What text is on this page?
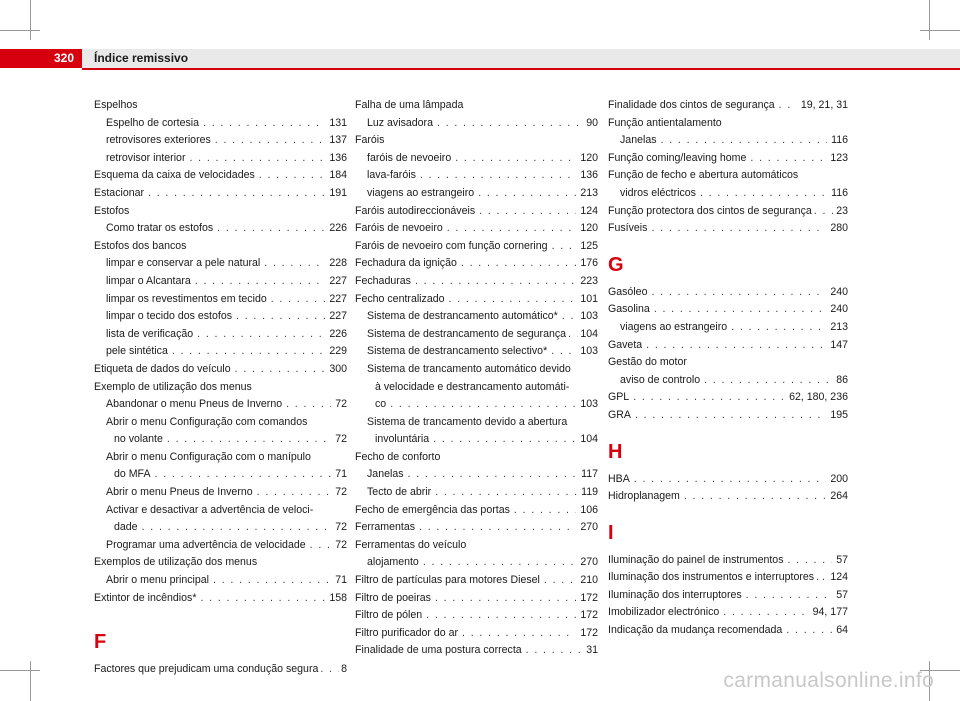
320 Índice remissivo
Espelhos
Espelho de cortesia . . .	131
retrovisores exteriores . . .	137
retrovisor interior . . .	136
Esquema da caixa de velocidades . . .	184
Estacionar . . .	191
Estofos
Como tratar os estofos . . .	226
Estofos dos bancos
limpar e conservar a pele natural . . .	228
limpar o Alcantara . . .	227
limpar os revestimentos em tecido . . .	227
limpar o tecido dos estofos . . .	227
lista de verificação . . .	226
pele sintética . . .	229
Etiqueta de dados do veículo . . .	300
Exemplo de utilização dos menus
Abandonar o menu Pneus de Inverno . . .	72
Abrir o menu Configuração com comandos
no volante . . .	72
Abrir o menu Configuração com o manípulo
do MFA . . .	71
Abrir o menu Pneus de Inverno . . .	72
Activar e desactivar a advertência de veloci-
dade . . .	72
Programar uma advertência de velocidade . . .	72
Exemplos de utilização dos menus
Abrir o menu principal . . .	71
Extintor de incêndios* . . .	158
F
Factores que prejudicam uma condução segura . . . 8
Falha de uma lâmpada
Luz avisadora . . .	90
Faróis
faróis de nevoeiro . . .	120
lava-faróis . . .	136
viagens ao estrangeiro . . .	213
Faróis autodireccionáveis . . .	124
Faróis de nevoeiro . . .	120
Faróis de nevoeiro com função cornering . . .	125
Fechadura da ignição . . .	176
Fechaduras . . .	223
Fecho centralizado . . .	101
Sistema de destrancamento automático* . . . 103
Sistema de destrancamento de segurança . . . 104
Sistema de destrancamento selectivo* . . .	103
Sistema de trancamento automático devido
à velocidade e destrancamento automáti-
co . . .	103
Sistema de trancamento devido a abertura
involuntária . . .	104
Fecho de conforto
Janelas . . .	117
Tecto de abrir . . .	119
Fecho de emergência das portas . . .	106
Ferramentas . . .	270
Ferramentas do veículo
alojamento . . .	270
Filtro de partículas para motores Diesel . . .	210
Filtro de poeiras . . .	172
Filtro de pólen . . .	172
Filtro purificador do ar . . .	172
Finalidade de uma postura correcta . . .	31
Finalidade dos cintos de segurança . . . 19, 21, 31
Função antientalamento
Janelas . . .	116
Função coming/leaving home . . .	123
Função de fecho e abertura automáticos
vidros eléctricos . . .	116
Função protectora dos cintos de segurança . . . 23
Fusíveis . . .	280
G
Gasóleo . . .	240
Gasolina . . .	240
viagens ao estrangeiro . . .	213
Gaveta . . .	147
Gestão do motor
aviso de controlo . . .	86
GPL . . .	62, 180, 236
GRA . . .	195
H
HBA . . .	200
Hidroplanagem . . .	264
I
Iluminação do painel de instrumentos . . .	57
Iluminação dos instrumentos e interruptores . . . 124
Iluminação dos interruptores . . .	57
Imobilizador electrónico . . .	94, 177
Indicação da mudança recomendada . . .	64
carmanualsonline.info
